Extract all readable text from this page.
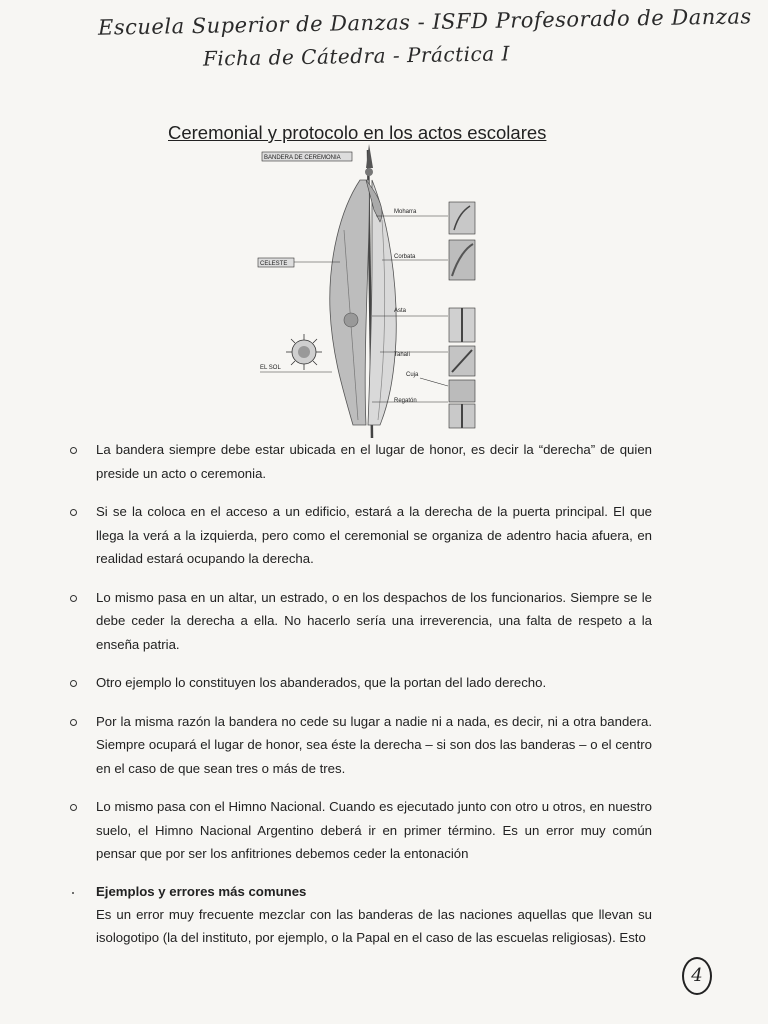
Escuela Superior de Danzas - ISFD Profesorado de Danzas
Ficha de Cátedra - Práctica I
Ceremonial y protocolo en los actos escolares
BANDERA DE CEREMONIA
CELESTE
EL SOL
Moharra
Corbata
Asta
Tahalí
Cuja
Regatón
La bandera siempre debe estar ubicada en el lugar de honor, es decir la “derecha” de quien preside un acto o ceremonia.
Si se la coloca en el acceso a un edificio, estará a la derecha de la puerta principal. El que llega la verá a la izquierda, pero como el ceremonial se organiza de adentro hacia afuera, en realidad estará ocupando la derecha.
Lo mismo pasa en un altar, un estrado, o en los despachos de los funcionarios. Siempre se le debe ceder la derecha a ella. No hacerlo sería una irreverencia, una falta de respeto a la enseña patria.
Otro ejemplo lo constituyen los abanderados, que la portan del lado derecho.
Por la misma razón la bandera no cede su lugar a nadie ni a nada, es decir, ni a otra bandera. Siempre ocupará el lugar de honor, sea éste la derecha – si son dos las banderas – o el centro en el caso de que sean tres o más de tres.
Lo mismo pasa con el Himno Nacional. Cuando es ejecutado junto con otro u otros, en nuestro suelo, el Himno Nacional Argentino deberá ir en primer término. Es un error muy común pensar que por ser los anfitriones debemos ceder la entonación
Ejemplos y errores más comunes

Es un error muy frecuente mezclar con las banderas de las naciones aquellas que llevan su isologotipo (la del instituto, por ejemplo, o la Papal en el caso de las escuelas religiosas). Esto

4
